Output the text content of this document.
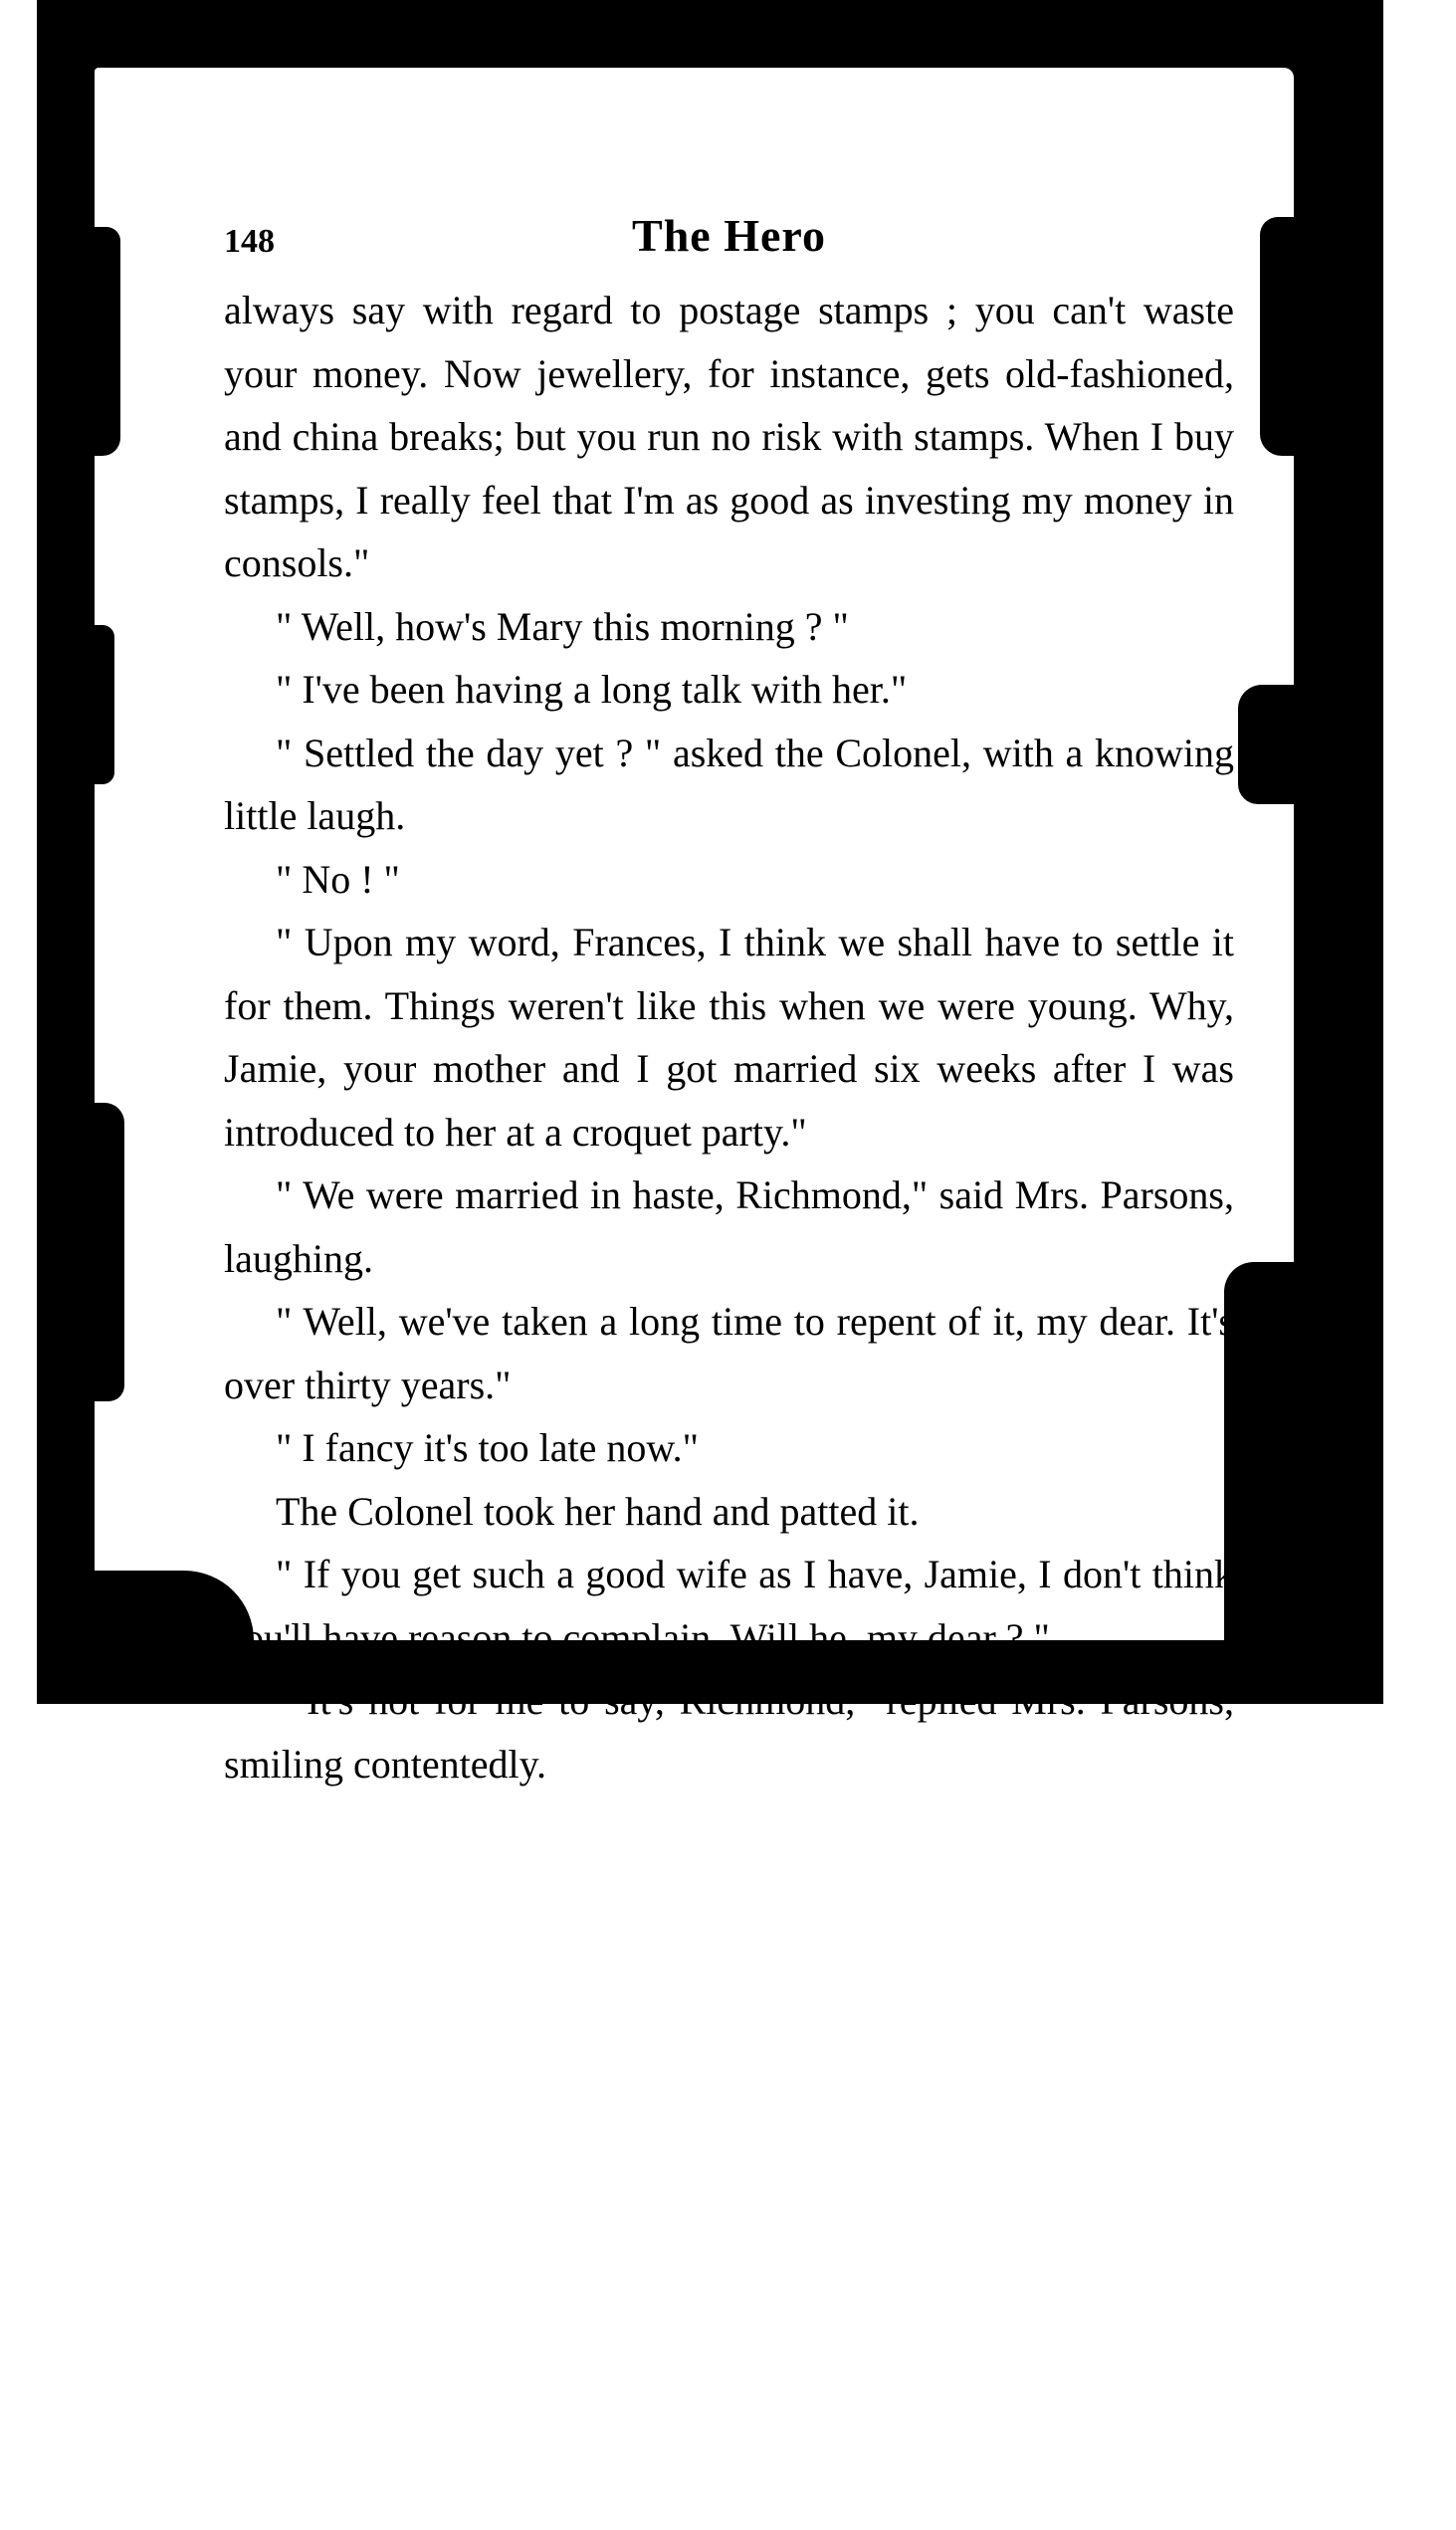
148	The Hero

always say with regard to postage stamps ; you can't waste your money. Now jewellery, for instance, gets old-fashioned, and china breaks; but you run no risk with stamps. When I buy stamps, I really feel that I'm as good as investing my money in consols."

" Well, how's Mary this morning ? "

" I've been having a long talk with her."

" Settled the day yet ? " asked the Colonel, with a knowing little laugh.

" No ! "

" Upon my word, Frances, I think we shall have to settle it for them. Things weren't like this when we were young. Why, Jamie, your mother and I got married six weeks after I was introduced to her at a croquet party."

" We were married in haste, Richmond," said Mrs. Parsons, laughing.

" Well, we've taken a long time to repent of it, my dear. It's over thirty years."

" I fancy it's too late now."

The Colonel took her hand and patted it.

" If you get such a good wife as I have, Jamie, I don't think you'll have reason to complain. Will he, my dear ? "

" It's not for me to say, Richmond," replied Mrs. Parsons, smiling contentedly.
